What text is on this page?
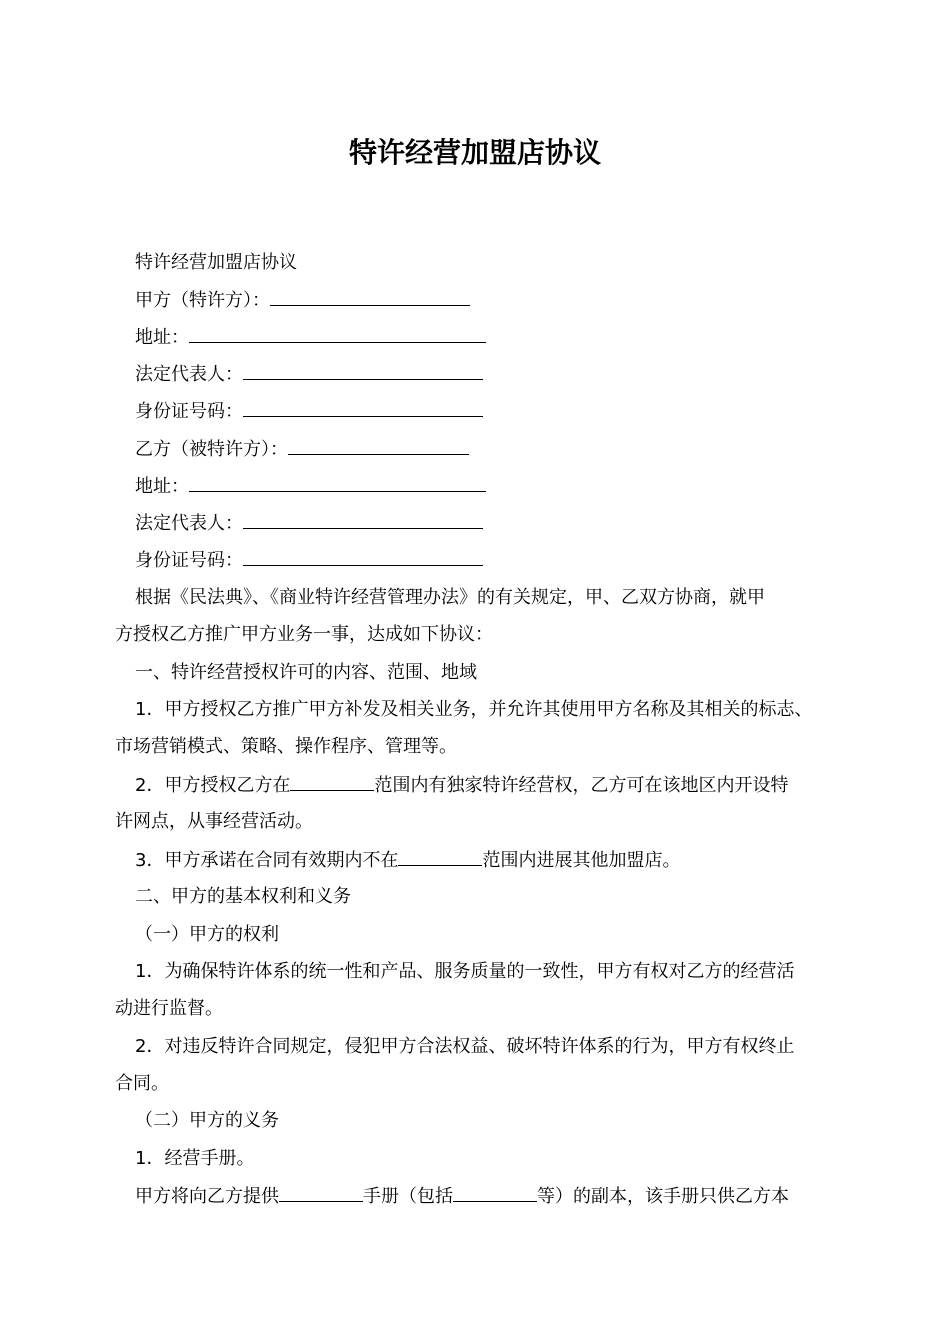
特许经营加盟店协议
特许经营加盟店协议
甲方（特许方）：
地址：
法定代表人：
身份证号码：
乙方（被特许方）：
地址：
法定代表人：
身份证号码：
根据《民法典》、《商业特许经营管理办法》的有关规定，甲、乙双方协商，就甲
方授权乙方推广甲方业务一事，达成如下协议：
一、特许经营授权许可的内容、范围、地域
1．甲方授权乙方推广甲方补发及相关业务，并允许其使用甲方名称及其相关的标志、
市场营销模式、策略、操作程序、管理等。
2．甲方授权乙方在	范围内有独家特许经营权，乙方可在该地区内开设特
许网点，从事经营活动。
3．甲方承诺在合同有效期内不在	范围内进展其他加盟店。
二、甲方的基本权利和义务
（一）甲方的权利
1．为确保特许体系的统一性和产品、服务质量的一致性，甲方有权对乙方的经营活
动进行监督。
2．对违反特许合同规定，侵犯甲方合法权益、破坏特许体系的行为，甲方有权终止
合同。
（二）甲方的义务
1．经营手册。
甲方将向乙方提供	手册（包括	等）的副本，该手册只供乙方本
